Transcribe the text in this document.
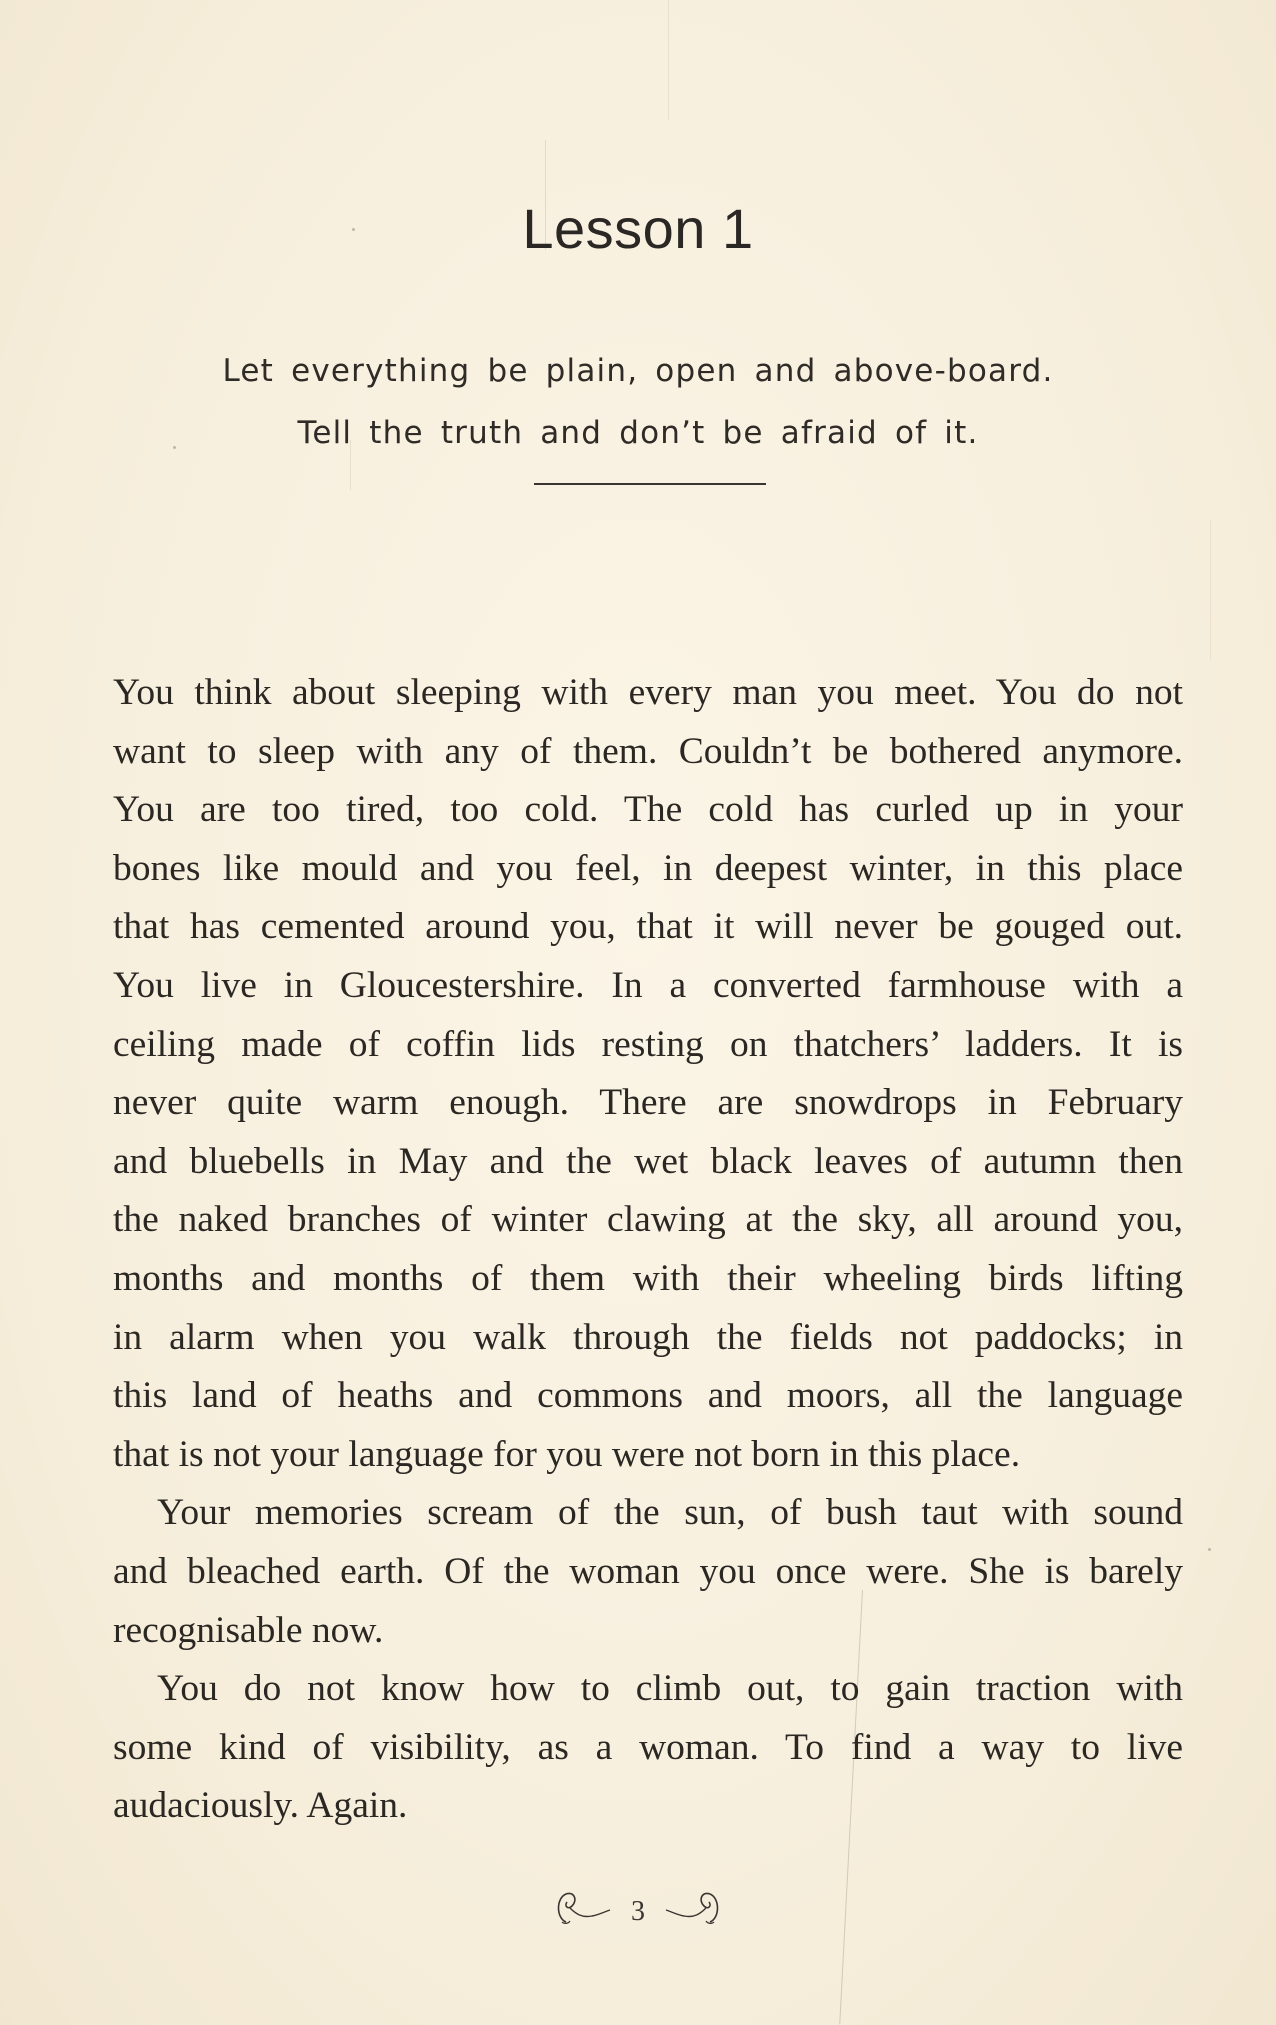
Lesson 1
Let everything be plain, open and above-board.
Tell the truth and don’t be afraid of it.
You think about sleeping with every man you meet. You do not
want to sleep with any of them. Couldn’t be bothered anymore.
You are too tired, too cold. The cold has curled up in your
bones like mould and you feel, in deepest winter, in this place
that has cemented around you, that it will never be gouged out.
You live in Gloucestershire. In a converted farmhouse with a
ceiling made of coffin lids resting on thatchers’ ladders. It is
never quite warm enough. There are snowdrops in February
and bluebells in May and the wet black leaves of autumn then
the naked branches of winter clawing at the sky, all around you,
months and months of them with their wheeling birds lifting
in alarm when you walk through the fields not paddocks; in
this land of heaths and commons and moors, all the language
that is not your language for you were not born in this place.
Your memories scream of the sun, of bush taut with sound
and bleached earth. Of the woman you once were. She is barely
recognisable now.
You do not know how to climb out, to gain traction with
some kind of visibility, as a woman. To find a way to live
audaciously. Again.
3
